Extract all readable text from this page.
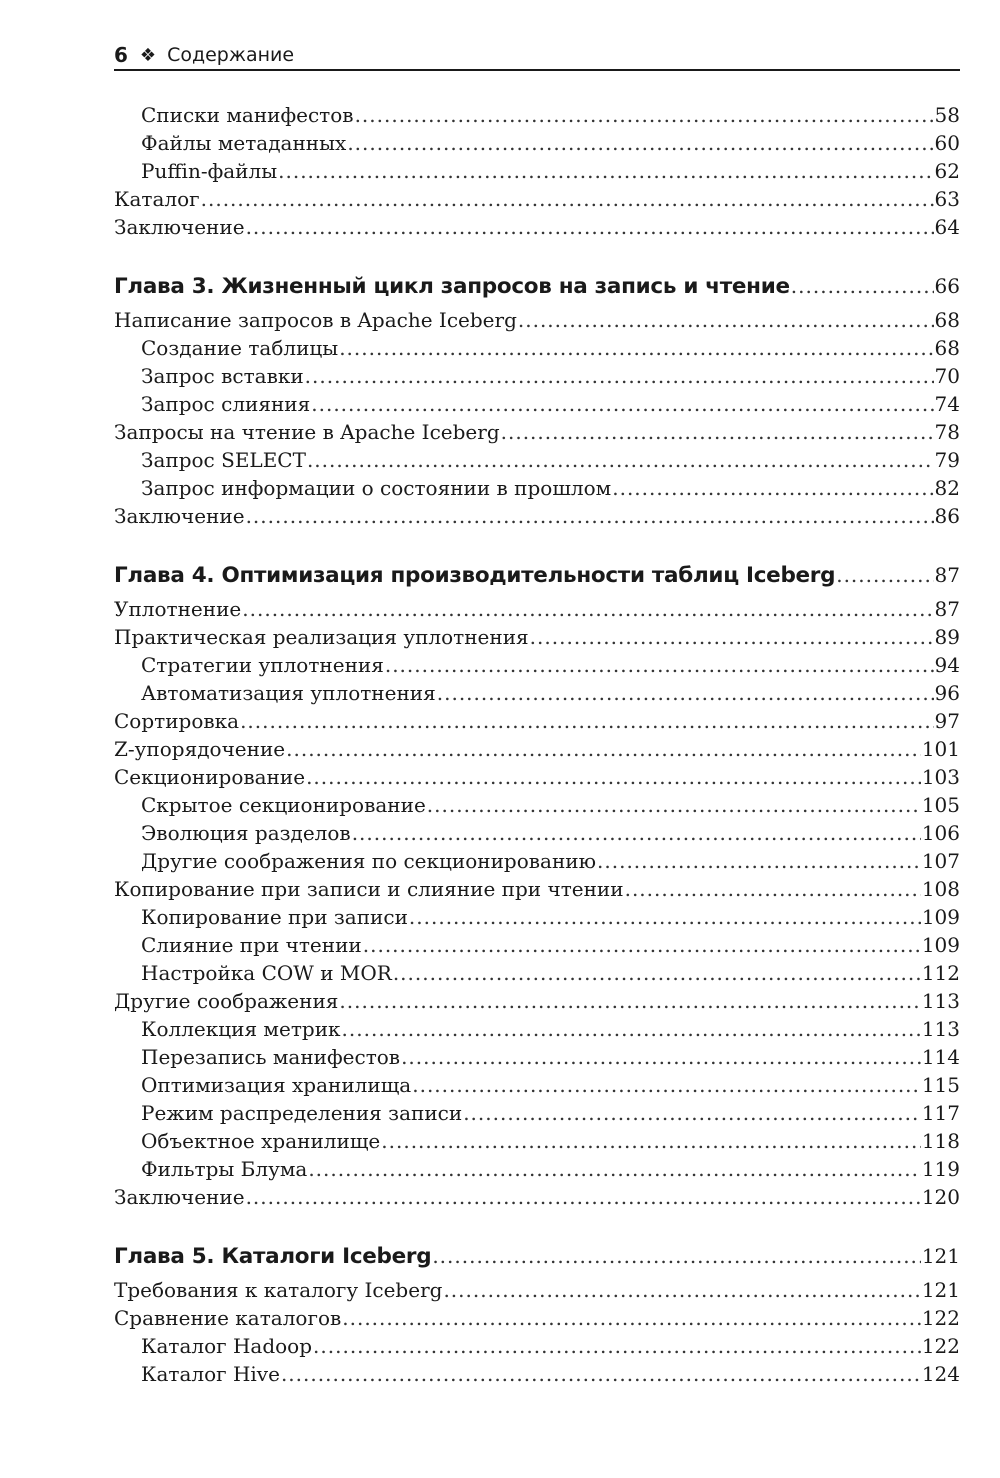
6 ❖ Содержание
Списки манифестов .....	58
Файлы метаданных .....	60
Puffin-файлы .....	62
Каталог .....	63
Заключение .....	64
Глава 3. Жизненный цикл запросов на запись и чтение .....	66
Написание запросов в Apache Iceberg .....	68
Создание таблицы .....	68
Запрос вставки .....	70
Запрос слияния .....	74
Запросы на чтение в Apache Iceberg .....	78
Запрос SELECT .....	79
Запрос информации о состоянии в прошлом .....	82
Заключение .....	86
Глава 4. Оптимизация производительности таблиц Iceberg .....	87
Уплотнение .....	87
Практическая реализация уплотнения .....	89
Стратегии уплотнения .....	94
Автоматизация уплотнения .....	96
Сортировка .....	97
Z-упорядочение .....	101
Секционирование .....	103
Скрытое секционирование .....	105
Эволюция разделов .....	106
Другие соображения по секционированию .....	107
Копирование при записи и слияние при чтении .....	108
Копирование при записи .....	109
Слияние при чтении .....	109
Настройка COW и MOR .....	112
Другие соображения .....	113
Коллекция метрик .....	113
Перезапись манифестов .....	114
Оптимизация хранилища .....	115
Режим распределения записи .....	117
Объектное хранилище .....	118
Фильтры Блума .....	119
Заключение .....	120
Глава 5. Каталоги Iceberg .....	121
Требования к каталогу Iceberg .....	121
Сравнение каталогов .....	122
Каталог Hadoop .....	122
Каталог Hive .....	124
